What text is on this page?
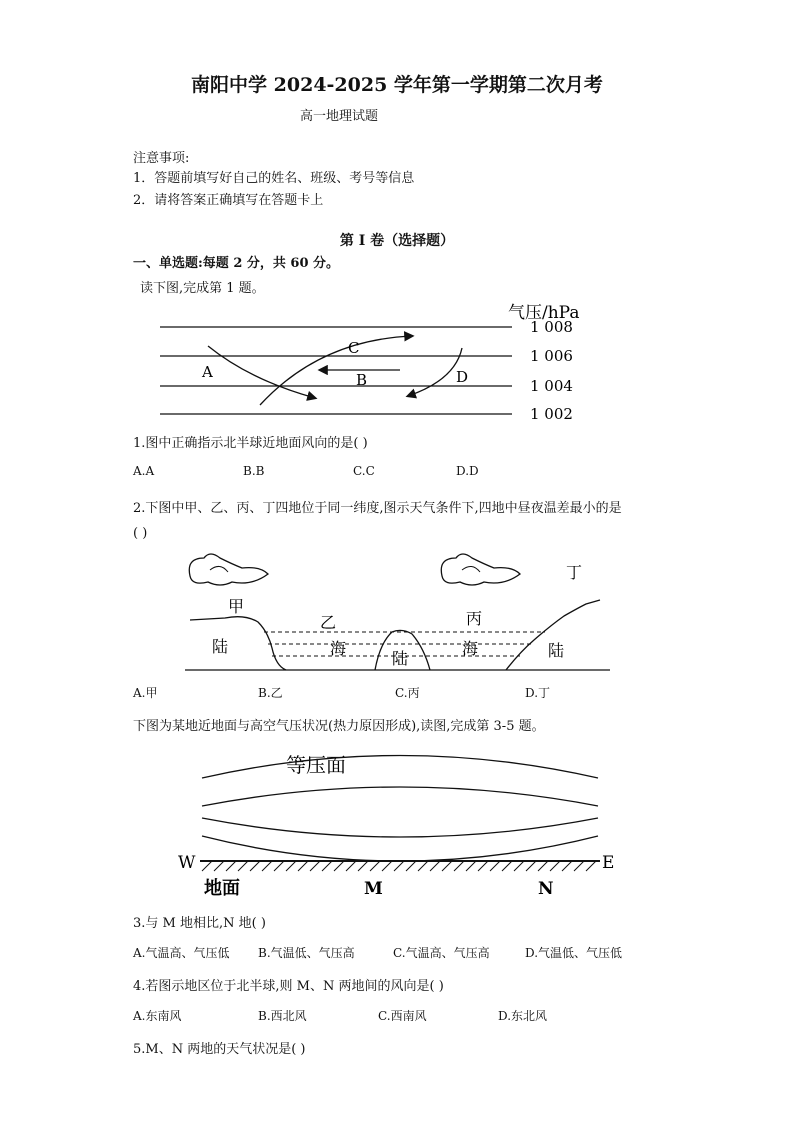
南阳中学 2024-2025 学年第一学期第二次月考
高一地理试题
注意事项:
1．答题前填写好自己的姓名、班级、考号等信息
2．请将答案正确填写在答题卡上
第 I 卷（选择题）
一、单选题:每题 2 分，共 60 分。
读下图,完成第 1 题。
气压/hPa
1 008
1 006
1 004
1 002
A
C
B	D
1.图中正确指示北半球近地面风向的是( )
A.A	B.B	C.C	D.D
2.下图中甲、乙、丙、丁四地位于同一纬度,图示天气条件下,四地中昼夜温差最小的是
( )
甲
陆
乙
海
陆
丙
海
丁
陆
A.甲	B.乙	C.丙	D.丁
下图为某地近地面与高空气压状况(热力原因形成),读图,完成第 3-5 题。
等压面
W	E
地面	M	N
3.与 M 地相比,N 地( )
A.气温高、气压低 B.气温低、气压高	C.气温高、气压高	D.气温低、气压低
4.若图示地区位于北半球,则 M、N 两地间的风向是( )
A.东南风	B.西北风	C.西南风	D.东北风
5.M、N 两地的天气状况是( )
